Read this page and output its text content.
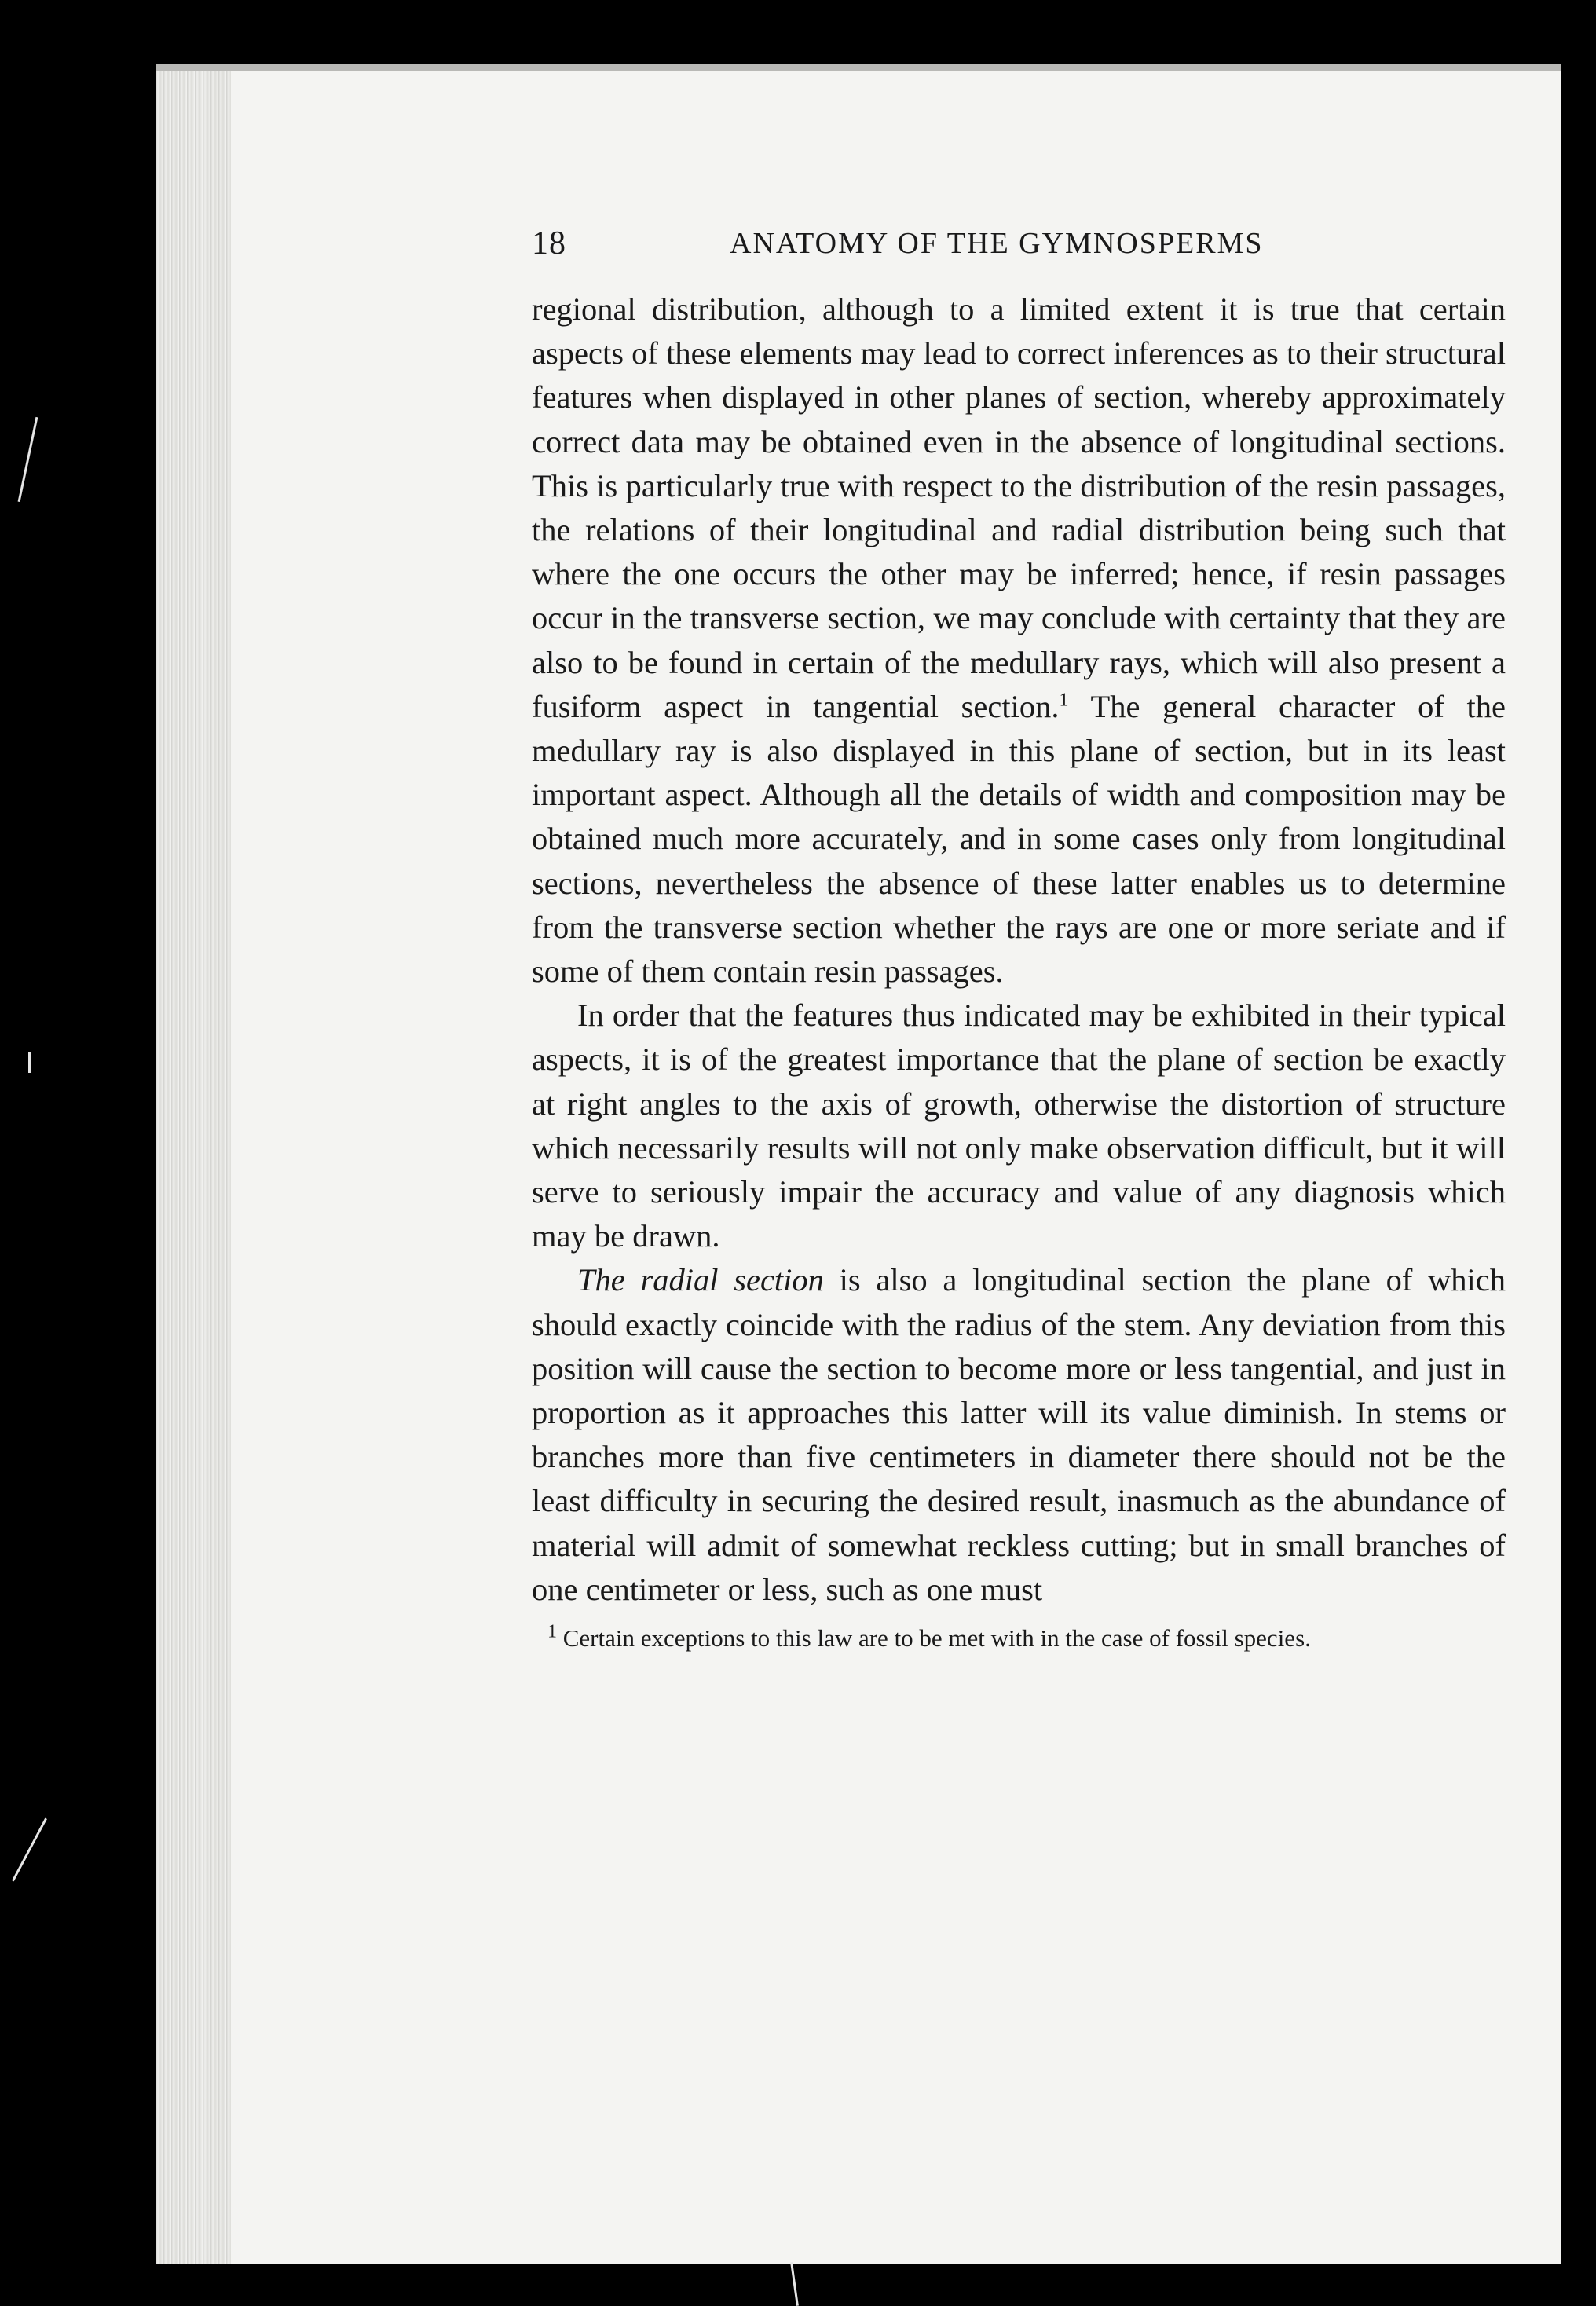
18	ANATOMY OF THE GYMNOSPERMS

regional distribution, although to a limited extent it is true that certain aspects of these elements may lead to correct inferences as to their structural features when displayed in other planes of section, whereby approximately correct data may be obtained even in the absence of longitudinal sections. This is particularly true with respect to the distribution of the resin passages, the relations of their longitudinal and radial distribution being such that where the one occurs the other may be inferred; hence, if resin passages occur in the transverse section, we may conclude with certainty that they are also to be found in certain of the medullary rays, which will also present a fusiform aspect in tangential section.$^1$ The general character of the medullary ray is also displayed in this plane of section, but in its least important aspect. Although all the details of width and composition may be obtained much more accurately, and in some cases only from longitudinal sections, nevertheless the absence of these latter enables us to determine from the transverse section whether the rays are one or more seriate and if some of them contain resin passages.

In order that the features thus indicated may be exhibited in their typical aspects, it is of the greatest importance that the plane of section be exactly at right angles to the axis of growth, otherwise the distortion of structure which necessarily results will not only make observation difficult, but it will serve to seriously impair the accuracy and value of any diagnosis which may be drawn.

The radial section is also a longitudinal section the plane of which should exactly coincide with the radius of the stem. Any deviation from this position will cause the section to become more or less tangential, and just in proportion as it approaches this latter will its value diminish. In stems or branches more than five centimeters in diameter there should not be the least difficulty in securing the desired result, inasmuch as the abundance of material will admit of somewhat reckless cutting; but in small branches of one centimeter or less, such as one must

$^1$ Certain exceptions to this law are to be met with in the case of fossil species.
